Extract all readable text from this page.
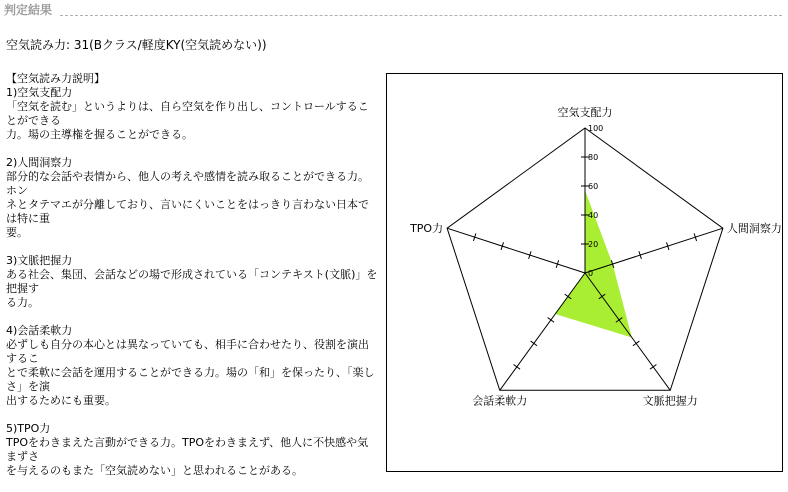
判定結果
空気読み力: 31(Bクラス/軽度KY(空気読めない))

【空気読み力説明】

1)空気支配力
「空気を読む」というよりは、自ら空気を作り出し、コントロールすることができる
力。場の主導権を握ることができる。

2)人間洞察力
部分的な会話や表情から、他人の考えや感情を読み取ることができる力。ホン
ネとタテマエが分離しており、言いにくいことをはっきり言わない日本では特に重
要。

3)文脈把握力
ある社会、集団、会話などの場で形成されている「コンテキスト(文脈)」を把握す
る力。

4)会話柔軟力
必ずしも自分の本心とは異なっていても、相手に合わせたり、役割を演出するこ
とで柔軟に会話を運用することができる力。場の「和」を保ったり、「楽しさ」を演
出するためにも重要。

5)TPO力
TPOをわきまえた言動ができる力。TPOをわきまえず、他人に不快感や気まずさ
を与えるのもまた「空気読めない」と思われることがある。

0
20
40
60
80
100
空気支配力
人間洞察力
文脈把握力
会話柔軟力
TPO力
